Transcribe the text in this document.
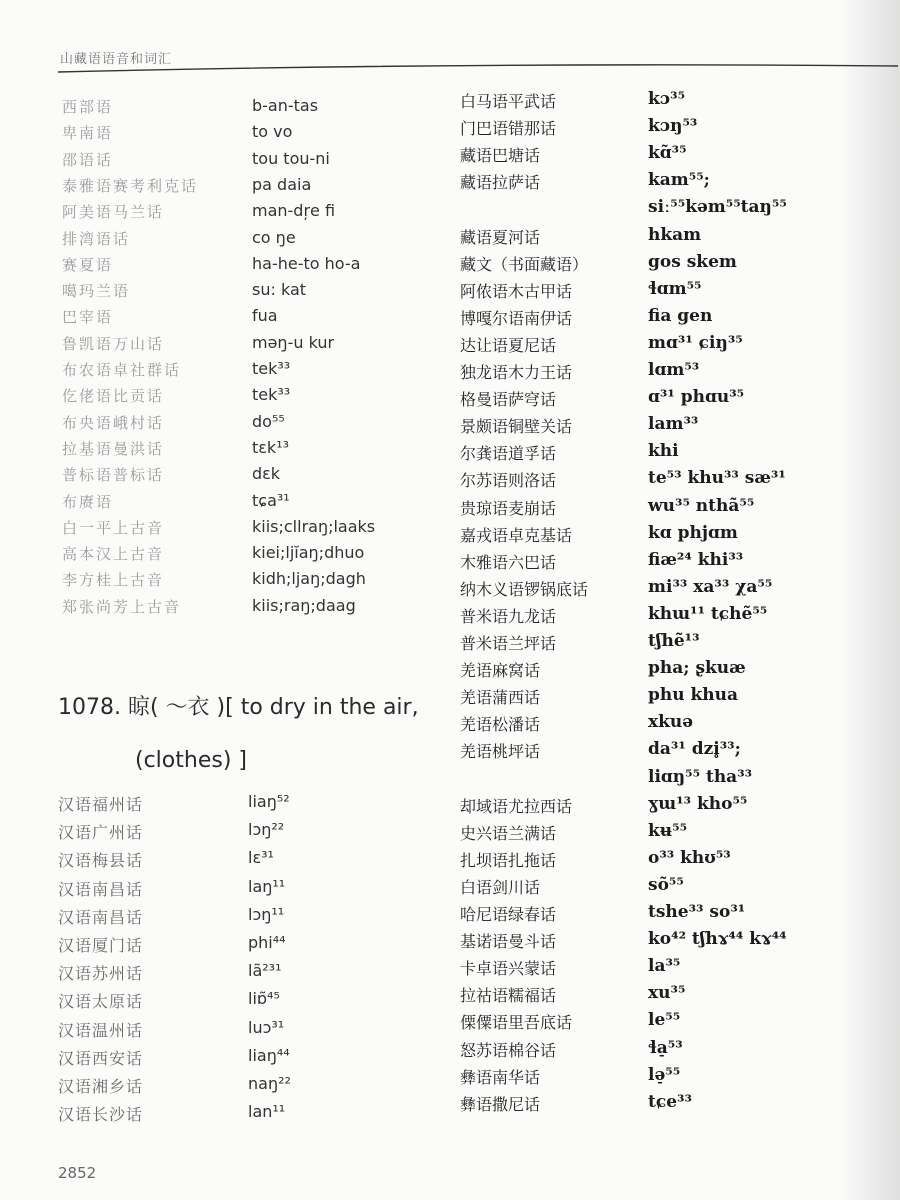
山藏语语音和词汇
西部语	b-an-tas
卑南语	to vo
邵语话	tou tou-ni
泰雅语赛考利克话	pa daia
阿美语马兰话	man-dŗe fi
排湾语话	co ŋe
赛夏语	ha-he-to ho-a
噶玛兰语	su: kat
巴宰语	fua
鲁凯语万山话	məŋ-u kur
布农语卓社群话	tek³³
仡佬语比贡话	tek³³
布央语峨村话	do⁵⁵
拉基语曼洪话	tɛk¹³
普标语普标话	dɛk
布赓语	tɕa³¹
白一平上古音	kiis;cllraŋ;laaks
高本汉上古音	kiei;ljĭaŋ;dhuo
李方桂上古音	kidh;ljaŋ;dagh
郑张尚芳上古音	kiis;raŋ;daag
1078. 晾( ～衣 )[ to dry in the air,
(clothes) ]
汉语福州话	liaŋ⁵²
汉语广州话	lɔŋ²²
汉语梅县话	lɛ³¹
汉语南昌话	laŋ¹¹
汉语南昌话	lɔŋ¹¹
汉语厦门话	phi⁴⁴
汉语苏州话	lã²³¹
汉语太原话	liɒ̃⁴⁵
汉语温州话	luɔ³¹
汉语西安话	liaŋ⁴⁴
汉语湘乡话	naŋ²²
汉语长沙话	lan¹¹
白马语平武话	kɔ³⁵
门巴语错那话	kɔŋ⁵³
藏语巴塘话	kɑ̃³⁵
藏语拉萨话	kam⁵⁵;
siː⁵⁵kəm⁵⁵taŋ⁵⁵
藏语夏河话	hkam
藏文（书面藏语）	gos skem
阿侬语木古甲话	ɬɑm⁵⁵
博嘎尔语南伊话	fia gen
达让语夏尼话	mɑ³¹ ɕiŋ³⁵
独龙语木力王话	lɑm⁵³
格曼语萨穹话	ɑ³¹ phɑu³⁵
景颇语铜壁关话	lam³³
尔龚语道孚话	khi
尔苏语则洛话	te⁵³ khu³³ sæ³¹
贵琼语麦崩话	wu³⁵ nthã⁵⁵
嘉戎语卓克基话	kɑ phjɑm
木雅语六巴话	fiæ²⁴ khi³³
纳木义语锣锅底话	mi³³ xa³³ χa⁵⁵
普米语九龙话	khɯ¹¹ tɕhẽ⁵⁵
普米语兰坪话	tʃhẽ¹³
羌语麻窝话	pha; ʂkuæ
羌语蒲西话	phu khua
羌语松潘话	xkuə
羌语桃坪话	da³¹ dzi̥³³;
liɑŋ⁵⁵ tha³³
却域语尤拉西话	ɣɯ¹³ kho⁵⁵
史兴语兰满话	kʉ⁵⁵
扎坝语扎拖话	o³³ khʊ⁵³
白语剑川话	sõ⁵⁵
哈尼语绿春话	tshe³³ so³¹
基诺语曼斗话	ko⁴² tʃhɤ⁴⁴ kɤ⁴⁴
卡卓语兴蒙话	la³⁵
拉祜语糯福话	xu³⁵
傈僳语里吾底话	le⁵⁵
怒苏语棉谷话	ɬa̠⁵³
彝语南华话	lə̠⁵⁵
彝语撒尼话	tɕe³³
2852
